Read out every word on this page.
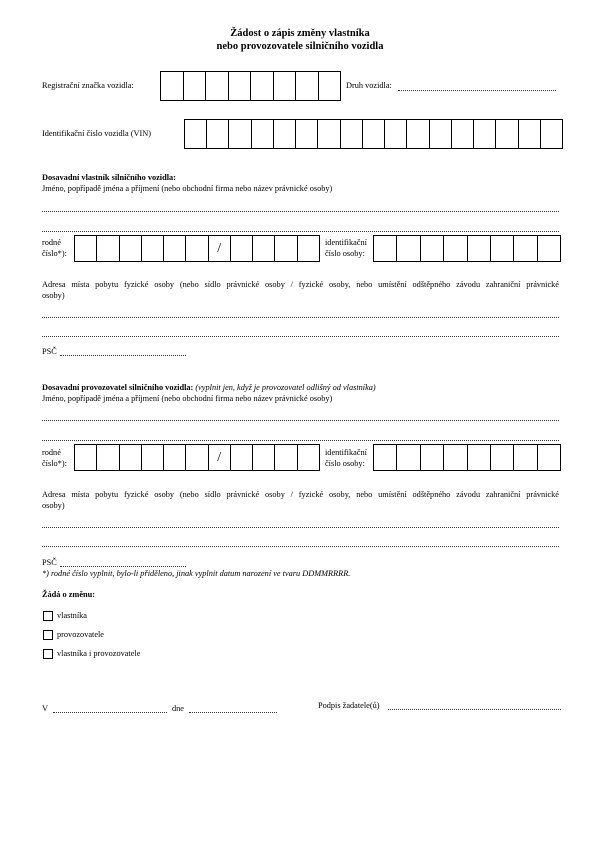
Žádost o zápis změny vlastníka
nebo provozovatele silničního vozidla
Registrační značka vozidla:	Druh vozidla:
Identifikační číslo vozidla (VIN)
Dosavadní vlastník silničního vozidla:
Jméno, popřípadě jména a příjmení (nebo obchodní firma nebo název právnické osoby)
rodné
číslo*):	/	identifikační
číslo osoby:
Adresa místa pobytu fyzické osoby (nebo sídlo právnické osoby / fyzické osoby, nebo umístění odštěpného závodu zahraniční právnické
osoby)
PSČ
Dosavadní provozovatel silničního vozidla: (vyplnit jen, když je provozovatel odlišný od vlastníka)
Jméno, popřípadě jména a příjmení (nebo obchodní firma nebo název právnické osoby)
rodné
číslo*):	/	identifikační
číslo osoby:
Adresa místa pobytu fyzické osoby (nebo sídlo právnické osoby / fyzické osoby, nebo umístění odštěpného závodu zahraniční právnické
osoby)
PSČ
*) rodné číslo vyplnit, bylo-li přiděleno, jinak vyplnit datum narození ve tvaru DDMMRRRR.
Žádá o změnu:
vlastníka
provozovatele
vlastníka i provozovatele
V	dne	Podpis žadatele(ů)
